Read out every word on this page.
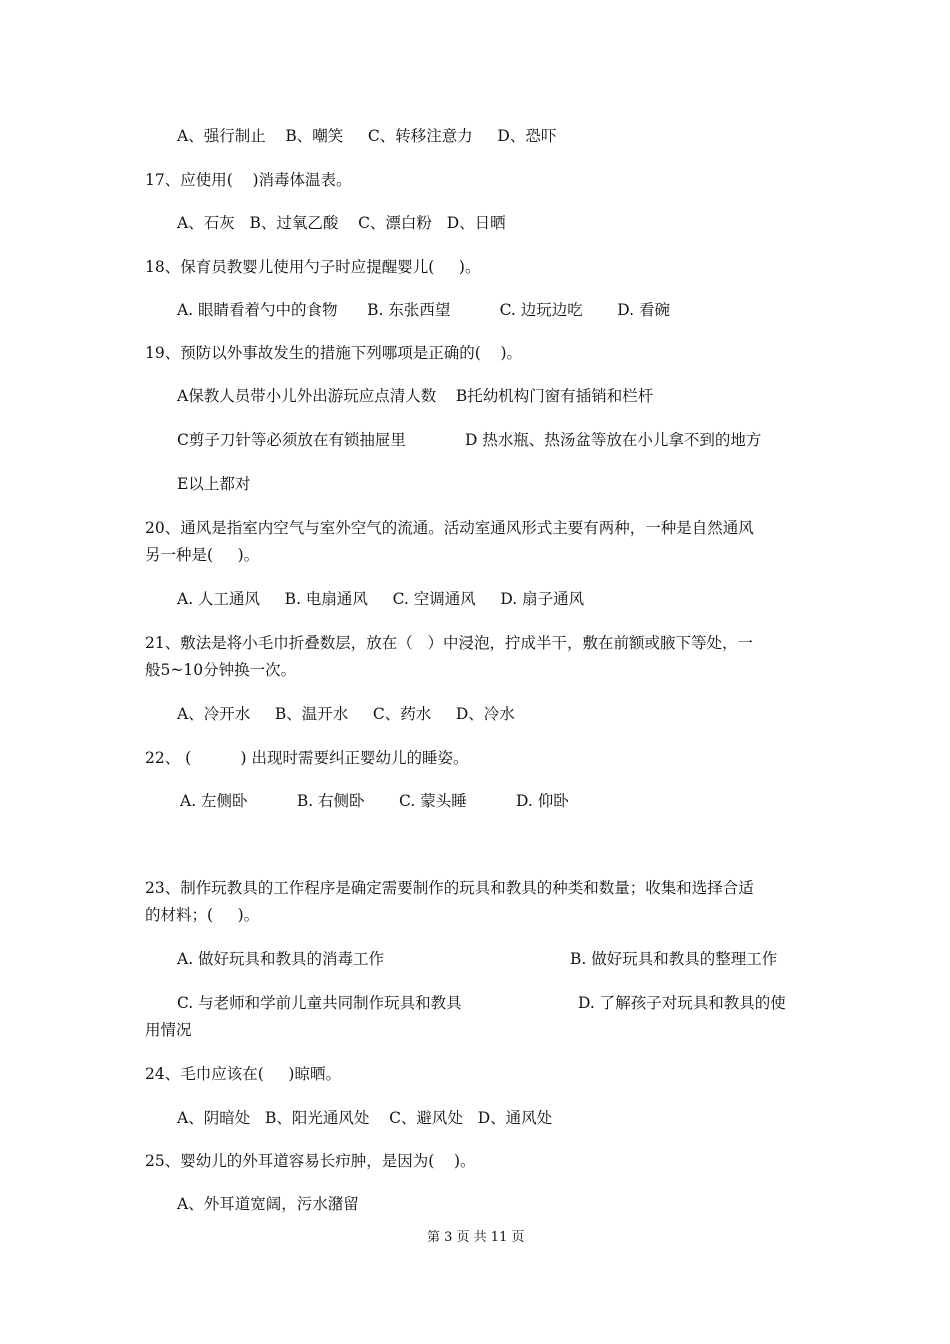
A、强行制止    B、嘲笑     C、转移注意力     D、恐吓
17、应使用(    )消毒体温表。
A、石灰   B、过氧乙酸    C、漂白粉   D、日晒
18、保育员教婴儿使用勺子时应提醒婴儿(     )。
A. 眼睛看着勺中的食物      B. 东张西望          C. 边玩边吃       D. 看碗
19、预防以外事故发生的措施下列哪项是正确的(    )。
A保教人员带小儿外出游玩应点清人数    B托幼机构门窗有插销和栏杆
C剪子刀针等必须放在有锁抽屉里            D 热水瓶、热汤盆等放在小儿拿不到的地方
E以上都对
20、通风是指室内空气与室外空气的流通。活动室通风形式主要有两种，一种是自然通风
另一种是(     )。
A. 人工通风     B. 电扇通风     C. 空调通风     D. 扇子通风
21、敷法是将小毛巾折叠数层，放在（   ）中浸泡，拧成半干，敷在前额或腋下等处，一
般5~10分钟换一次。
A、冷开水     B、温开水     C、药水     D、冷水
22、 (          ) 出现时需要纠正婴幼儿的睡姿。
A. 左侧卧          B. 右侧卧       C. 蒙头睡          D. 仰卧
23、制作玩教具的工作程序是确定需要制作的玩具和教具的种类和数量；收集和选择合适
的材料；(     )。
A. 做好玩具和教具的消毒工作	B. 做好玩具和教具的整理工作
C. 与老师和学前儿童共同制作玩具和教具	D. 了解孩子对玩具和教具的使
用情况
24、毛巾应该在(     )晾晒。
A、阴暗处   B、阳光通风处    C、避风处   D、通风处
25、婴幼儿的外耳道容易长疖肿，是因为(    )。
A、外耳道宽阔，污水潴留
第 3 页 共 11 页
